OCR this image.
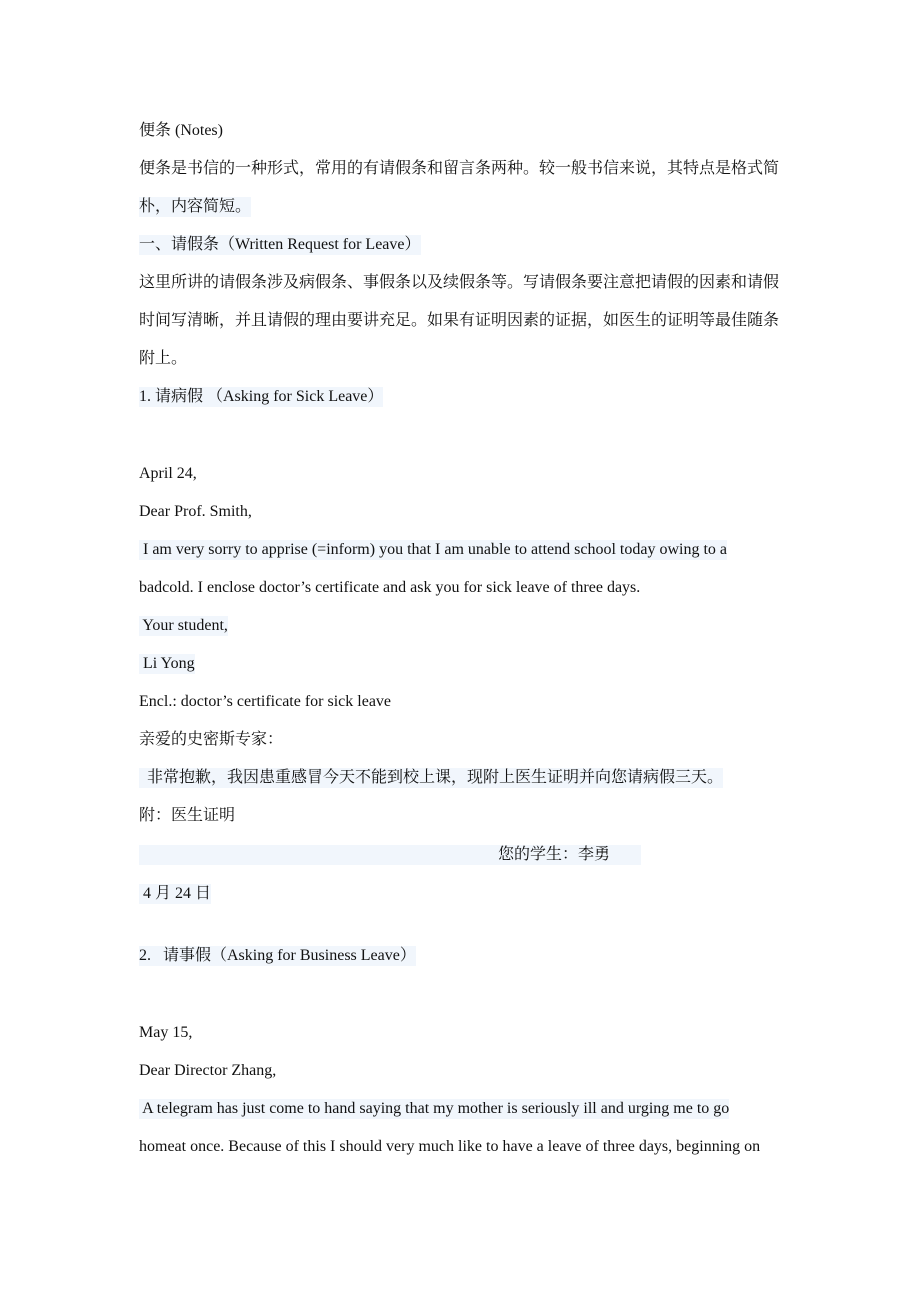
便条 (Notes)
便条是书信的一种形式，常用的有请假条和留言条两种。较一般书信来说，其特点是格式简
朴，内容简短。
一、请假条（Written Request for Leave）
这里所讲的请假条涉及病假条、事假条以及续假条等。写请假条要注意把请假的因素和请假
时间写清晰，并且请假的理由要讲充足。如果有证明因素的证据，如医生的证明等最佳随条
附上。
1. 请病假 （Asking for Sick Leave）
April 24,
Dear Prof. Smith,
I am very sorry to apprise (=inform) you that I am unable to attend school today owing to a
badcold. I enclose doctor’s certificate and ask you for sick leave of three days.
Your student,
Li Yong
Encl.: doctor’s certificate for sick leave
亲爱的史密斯专家：
非常抱歉，我因患重感冒今天不能到校上课，现附上医生证明并向您请病假三天。
附：医生证明
您的学生：李勇
4 月 24 日
2.   请事假（Asking for Business Leave）
May 15,
Dear Director Zhang,
A telegram has just come to hand saying that my mother is seriously ill and urging me to go
homeat once. Because of this I should very much like to have a leave of three days, beginning on
